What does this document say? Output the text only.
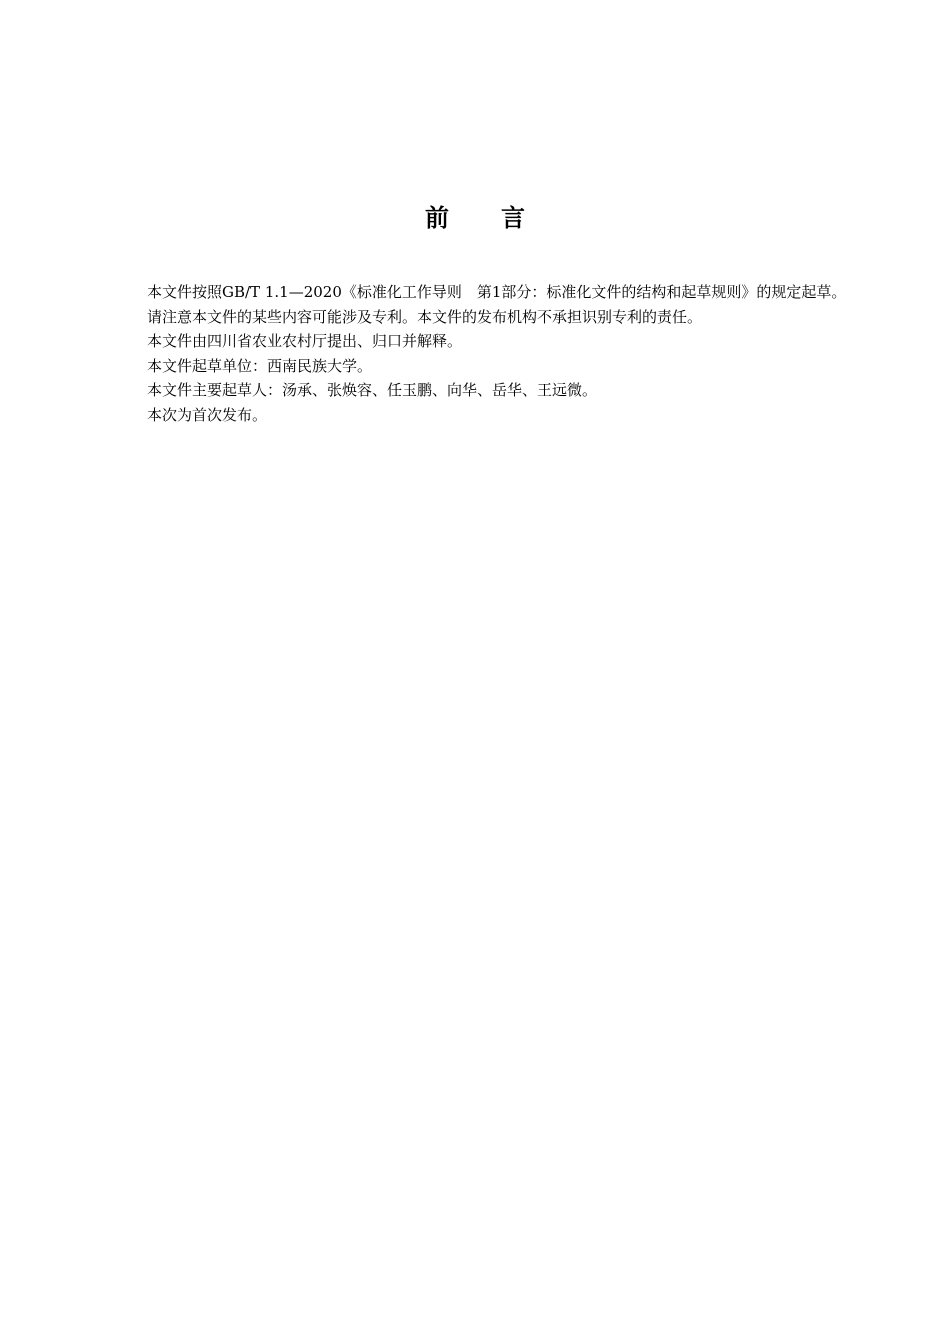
前 言

本文件按照GB/T 1.1—2020《标准化工作导则　第1部分：标准化文件的结构和起草规则》的规定起草。

请注意本文件的某些内容可能涉及专利。本文件的发布机构不承担识别专利的责任。

本文件由四川省农业农村厅提出、归口并解释。

本文件起草单位：西南民族大学。

本文件主要起草人：汤承、张焕容、任玉鹏、向华、岳华、王远微。

本次为首次发布。
